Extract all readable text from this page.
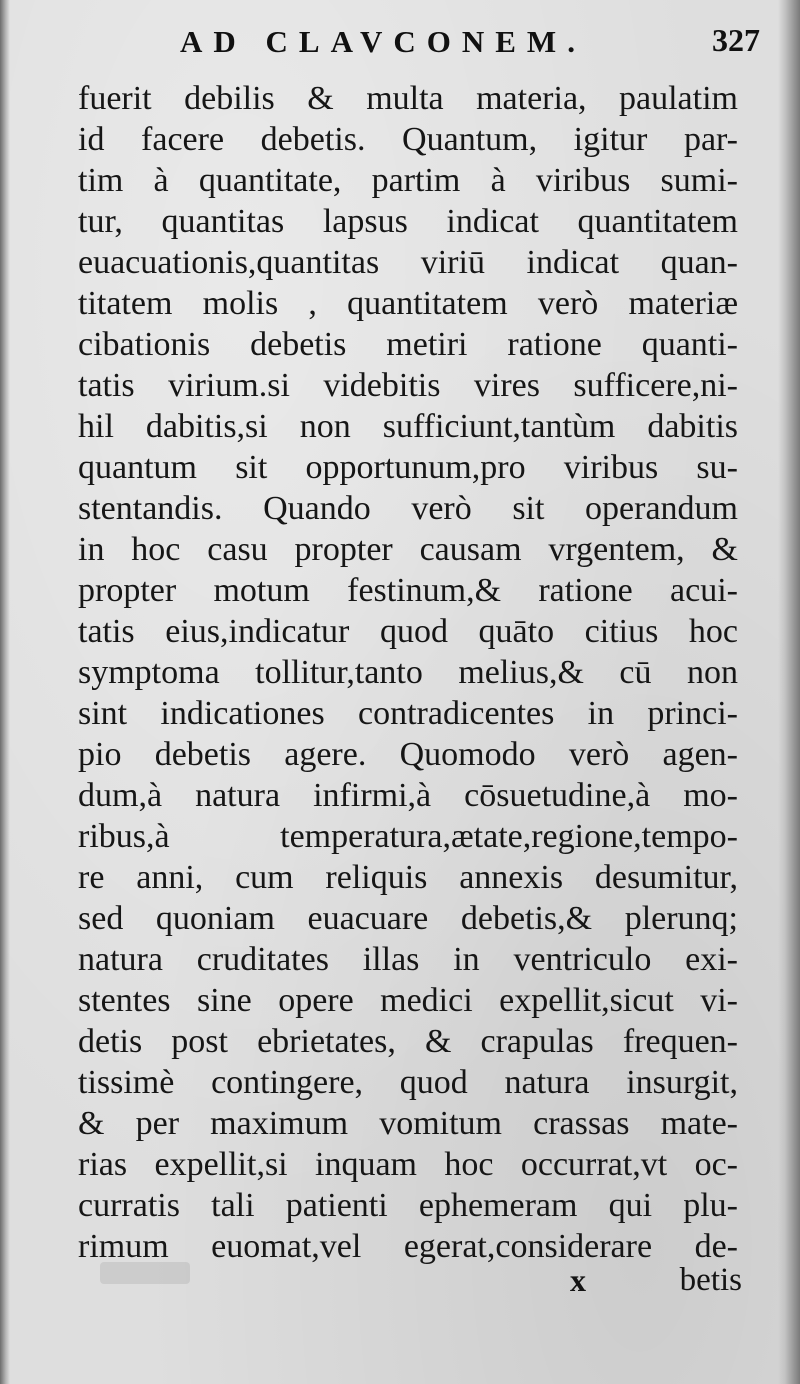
AD CLAVCONEM.	327
fuerit debilis & multa materia, paulatim
id facere debetis. Quantum, igitur par-
tim à quantitate, partim à viribus sumi-
tur, quantitas lapsus indicat quantitatem
euacuationis,quantitas viriū indicat quan-
titatem molis , quantitatem verò materiæ
cibationis debetis metiri ratione quanti-
tatis virium.si videbitis vires sufficere,ni-
hil dabitis,si non sufficiunt,tantùm dabitis
quantum sit opportunum,pro viribus su-
stentandis. Quando verò sit operandum
in hoc casu propter causam vrgentem, &
propter motum festinum,& ratione acui-
tatis eius,indicatur quod quāto citius hoc
symptoma tollitur,tanto melius,& cū non
sint indicationes contradicentes in princi-
pio debetis agere. Quomodo verò agen-
dum,à natura infirmi,à cōsuetudine,à mo-
ribus,à temperatura,ætate,regione,tempo-
re anni, cum reliquis annexis desumitur,
sed quoniam euacuare debetis,& plerunq;
natura cruditates illas in ventriculo exi-
stentes sine opere medici expellit,sicut vi-
detis post ebrietates, & crapulas frequen-
tissimè contingere, quod natura insurgit,
& per maximum vomitum crassas mate-
rias expellit,si inquam hoc occurrat,vt oc-
curratis tali patienti ephemeram qui plu-
rimum euomat,vel egerat,considerare de-
x	betis
